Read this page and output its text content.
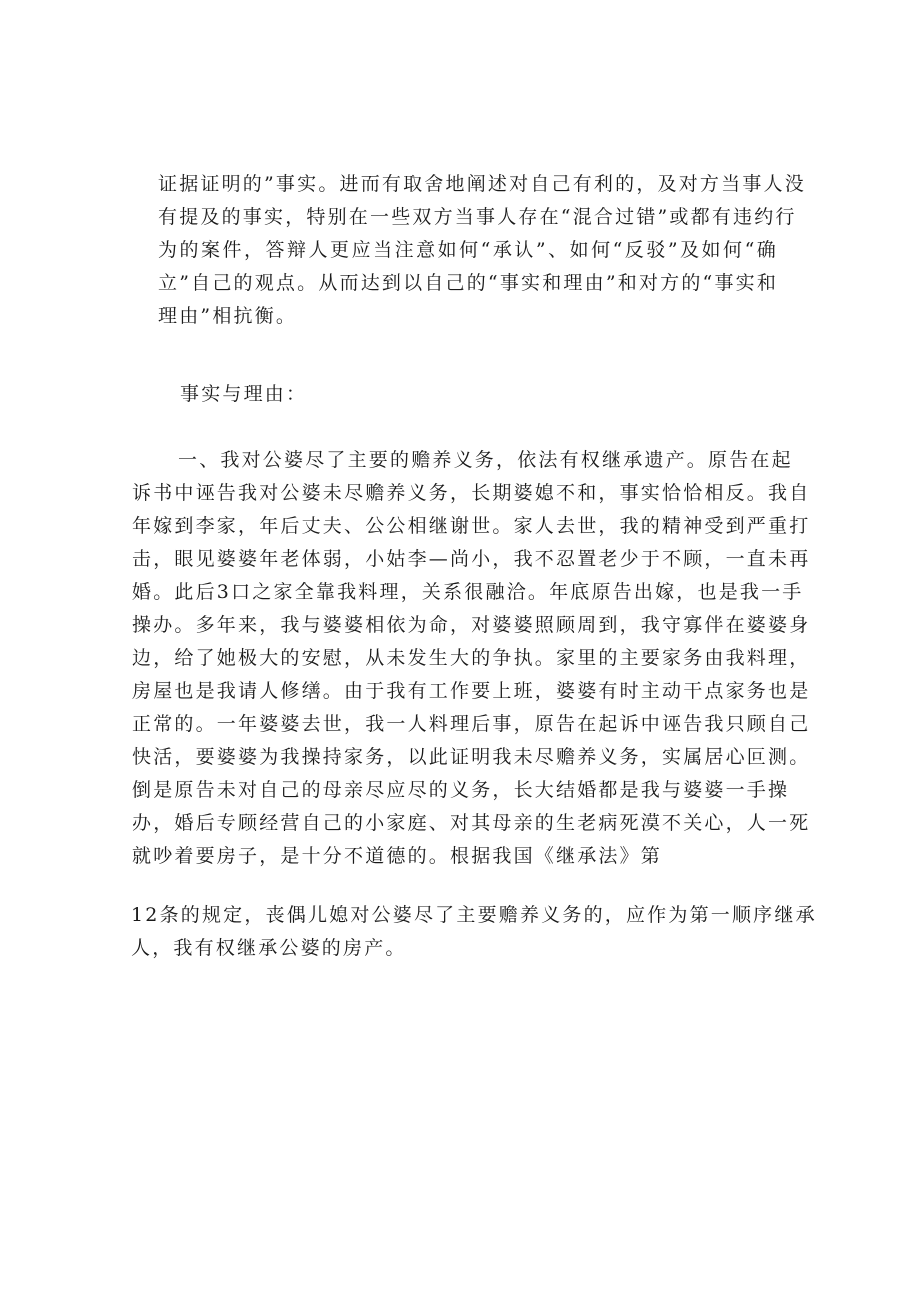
证据证明的”事实。进而有取舍地阐述对自己有利的，及对方当事人没
有提及的事实，特别在一些双方当事人存在“混合过错”或都有违约行
为的案件，答辩人更应当注意如何“承认”、如何“反驳”及如何“确
立”自己的观点。从而达到以自己的“事实和理由”和对方的“事实和
理由”相抗衡。
事实与理由：
一、我对公婆尽了主要的赡养义务，依法有权继承遗产。原告在起
诉书中诬告我对公婆未尽赡养义务，长期婆媳不和，事实恰恰相反。我自
年嫁到李家，年后丈夫、公公相继谢世。家人去世，我的精神受到严重打
击，眼见婆婆年老体弱，小姑李—尚小，我不忍置老少于不顾，一直未再
婚。此后3口之家全靠我料理，关系很融洽。年底原告出嫁，也是我一手
操办。多年来，我与婆婆相依为命，对婆婆照顾周到，我守寡伴在婆婆身
边，给了她极大的安慰，从未发生大的争执。家里的主要家务由我料理，
房屋也是我请人修缮。由于我有工作要上班，婆婆有时主动干点家务也是
正常的。一年婆婆去世，我一人料理后事，原告在起诉中诬告我只顾自己
快活，要婆婆为我操持家务，以此证明我未尽赡养义务，实属居心叵测。
倒是原告未对自己的母亲尽应尽的义务，长大结婚都是我与婆婆一手操
办，婚后专顾经营自己的小家庭、对其母亲的生老病死漠不关心，人一死
就吵着要房子，是十分不道德的。根据我国《继承法》第
12条的规定，丧偶儿媳对公婆尽了主要赡养义务的，应作为第一顺序继承
人，我有权继承公婆的房产。
